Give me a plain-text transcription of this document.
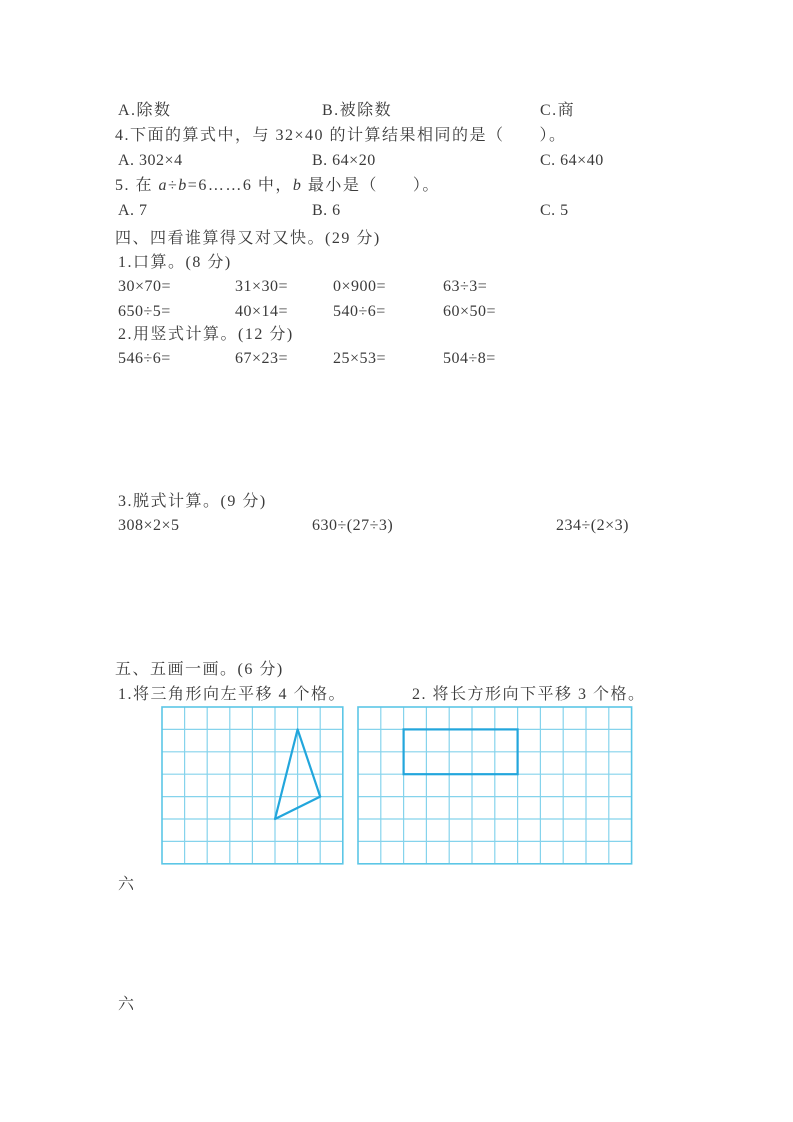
A.除数	B.被除数	C.商
4.下面的算式中，与 32×40 的计算结果相同的是（　　）。
A. 302×4	B. 64×20	C. 64×40
5. 在 a÷b=6……6 中，b 最小是（　　）。
A. 7	B. 6	C. 5
四、四看谁算得又对又快。(29 分)
1.口算。(8 分)
30×70=	31×30=	0×900=	63÷3=
650÷5=	40×14=	540÷6=	60×50=
2.用竖式计算。(12 分)
546÷6=	67×23=	25×53=	504÷8=
3.脱式计算。(9 分)
308×2×5	630÷(27÷3)	234÷(2×3)
五、五画一画。(6 分)
1.将三角形向左平移 4 个格。	2. 将长方形向下平移 3 个格。
六
六
